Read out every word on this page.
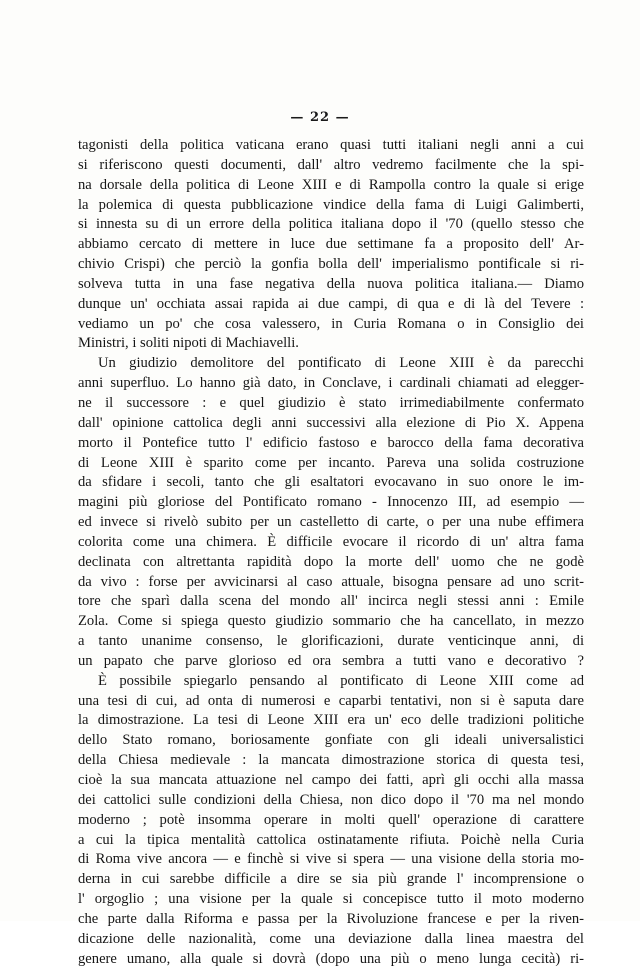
— 22 —
tagonisti della politica vaticana erano quasi tutti italiani negli anni a cui
si riferiscono questi documenti, dall' altro vedremo facilmente che la spi-
na dorsale della politica di Leone XIII e di Rampolla contro la quale si erige
la polemica di questa pubblicazione vindice della fama di Luigi Galimberti,
si innesta su di un errore della politica italiana dopo il '70 (quello stesso che
abbiamo cercato di mettere in luce due settimane fa a proposito dell' Ar-
chivio Crispi) che perciò la gonfia bolla dell' imperialismo pontificale si ri-
solveva tutta in una fase negativa della nuova politica italiana.— Diamo
dunque un' occhiata assai rapida ai due campi, di qua e di là del Tevere :
vediamo un po' che cosa valessero, in Curia Romana o in Consiglio dei
Ministri, i soliti nipoti di Machiavelli.
Un giudizio demolitore del pontificato di Leone XIII è da parecchi
anni superfluo. Lo hanno già dato, in Conclave, i cardinali chiamati ad elegger-
ne il successore : e quel giudizio è stato irrimediabilmente confermato
dall' opinione cattolica degli anni successivi alla elezione di Pio X. Appena
morto il Pontefice tutto l' edificio fastoso e barocco della fama decorativa
di Leone XIII è sparito come per incanto. Pareva una solida costruzione
da sfidare i secoli, tanto che gli esaltatori evocavano in suo onore le im-
magini più gloriose del Pontificato romano - Innocenzo III, ad esempio —
ed invece si rivelò subito per un castelletto di carte, o per una nube effimera
colorita come una chimera. È difficile evocare il ricordo di un' altra fama
declinata con altrettanta rapidità dopo la morte dell' uomo che ne godè
da vivo : forse per avvicinarsi al caso attuale, bisogna pensare ad uno scrit-
tore che sparì dalla scena del mondo all' incirca negli stessi anni : Emile
Zola. Come si spiega questo giudizio sommario che ha cancellato, in mezzo
a tanto unanime consenso, le glorificazioni, durate venticinque anni, di
un papato che parve glorioso ed ora sembra a tutti vano e decorativo ?
È possibile spiegarlo pensando al pontificato di Leone XIII come ad
una tesi di cui, ad onta di numerosi e caparbi tentativi, non si è saputa dare
la dimostrazione. La tesi di Leone XIII era un' eco delle tradizioni politiche
dello Stato romano, boriosamente gonfiate con gli ideali universalistici
della Chiesa medievale : la mancata dimostrazione storica di questa tesi,
cioè la sua mancata attuazione nel campo dei fatti, aprì gli occhi alla massa
dei cattolici sulle condizioni della Chiesa, non dico dopo il '70 ma nel mondo
moderno ; potè insomma operare in molti quell' operazione di carattere
a cui la tipica mentalità cattolica ostinatamente rifiuta. Poichè nella Curia
di Roma vive ancora — e finchè si vive si spera — una visione della storia mo-
derna in cui sarebbe difficile a dire se sia più grande l' incomprensione o
l' orgoglio ; una visione per la quale si concepisce tutto il moto moderno
che parte dalla Riforma e passa per la Rivoluzione francese e per la riven-
dicazione delle nazionalità, come una deviazione dalla linea maestra del
genere umano, alla quale si dovrà (dopo una più o meno lunga cecità) ri-
